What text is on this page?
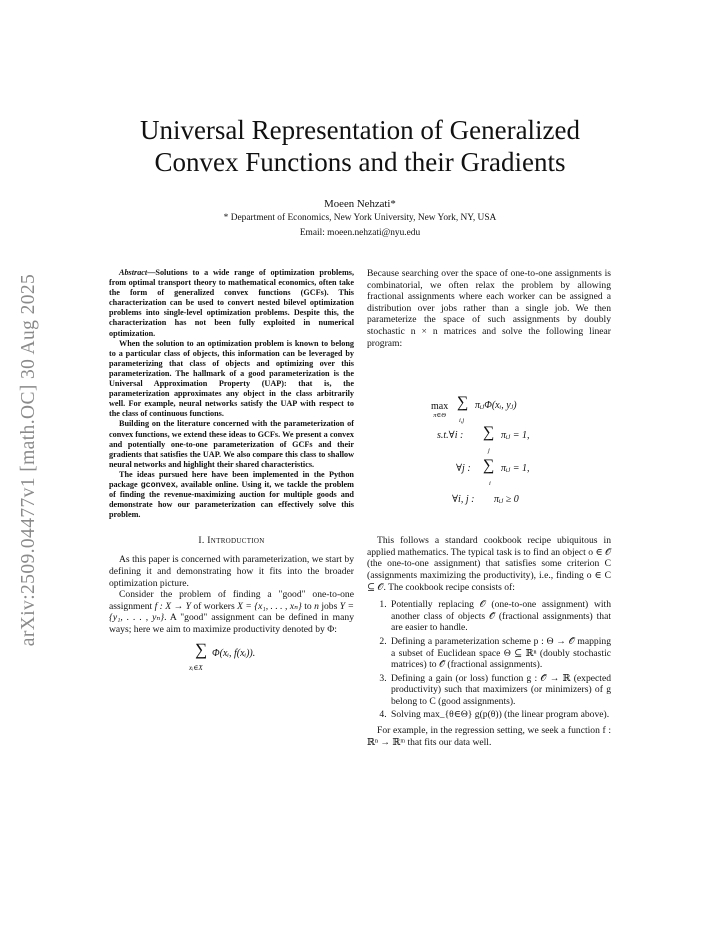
arXiv:2509.04477v1 [math.OC] 30 Aug 2025
Universal Representation of Generalized
Convex Functions and their Gradients
Moeen Nehzati*
* Department of Economics, New York University, New York, NY, USA
Email: moeen.nehzati@nyu.edu

Abstract—Solutions to a wide range of optimization problems, from optimal transport theory to mathematical economics, often take the form of generalized convex functions (GCFs). This characterization can be used to convert nested bilevel optimization problems into single-level optimization problems. Despite this, the characterization has not been fully exploited in numerical optimization.

When the solution to an optimization problem is known to belong to a particular class of objects, this information can be leveraged by parameterizing that class of objects and optimizing over this parameterization. The hallmark of a good parameterization is the Universal Approximation Property (UAP): that is, the parameterization approximates any object in the class arbitrarily well. For example, neural networks satisfy the UAP with respect to the class of continuous functions.

Building on the literature concerned with the parameterization of convex functions, we extend these ideas to GCFs. We present a convex and potentially one-to-one parameterization of GCFs and their gradients that satisfies the UAP. We also compare this class to shallow neural networks and highlight their shared characteristics.

The ideas pursued here have been implemented in the Python package gconvex, available online. Using it, we tackle the problem of finding the revenue-maximizing auction for multiple goods and demonstrate how our parameterization can effectively solve this problem.

I. Introduction

As this paper is concerned with parameterization, we start by defining it and demonstrating how it fits into the broader optimization picture.

Consider the problem of finding a "good" one-to-one assignment f : X → Y of workers X = {x₁, . . . , xₙ} to n jobs Y = {y₁, . . . , yₙ}. A "good" assignment can be defined in many ways; here we aim to maximize productivity denoted by Φ:

∑
xᵢ∈X
Φ(xᵢ, f(xᵢ)).

Because searching over the space of one-to-one assignments is combinatorial, we often relax the problem by allowing fractional assignments where each worker can be assigned a distribution over jobs rather than a single job. We then parameterize the space of such assignments by doubly stochastic n × n matrices and solve the following linear program:

max
π∈Θ
∑
i,j
πᵢⱼΦ(xᵢ, yⱼ)
s.t.∀i : ∑
j
πᵢⱼ = 1,
∀j : ∑
i
πᵢⱼ = 1,
∀i, j : πᵢⱼ ≥ 0

This follows a standard cookbook recipe ubiquitous in applied mathematics. The typical task is to find an object o ∈ 𝒪 (the one-to-one assignment) that satisfies some criterion C (assignments maximizing the productivity), i.e., finding o ∈ C ⊆ 𝒪. The cookbook recipe consists of:

1. Potentially replacing 𝒪 (one-to-one assignment) with another class of objects 𝒪̂ (fractional assignments) that are easier to handle.
2. Defining a parameterization scheme p : Θ → 𝒪̂ mapping a subset of Euclidean space Θ ⊆ ℝⁿ (doubly stochastic matrices) to 𝒪̂ (fractional assignments).
3. Defining a gain (or loss) function g : 𝒪̂ → ℝ (expected productivity) such that maximizers (or minimizers) of g belong to C (good assignments).
4. Solving max_{θ∈Θ} g(p(θ)) (the linear program above).

For example, in the regression setting, we seek a function f : ℝⁿ → ℝᵐ that fits our data well.
